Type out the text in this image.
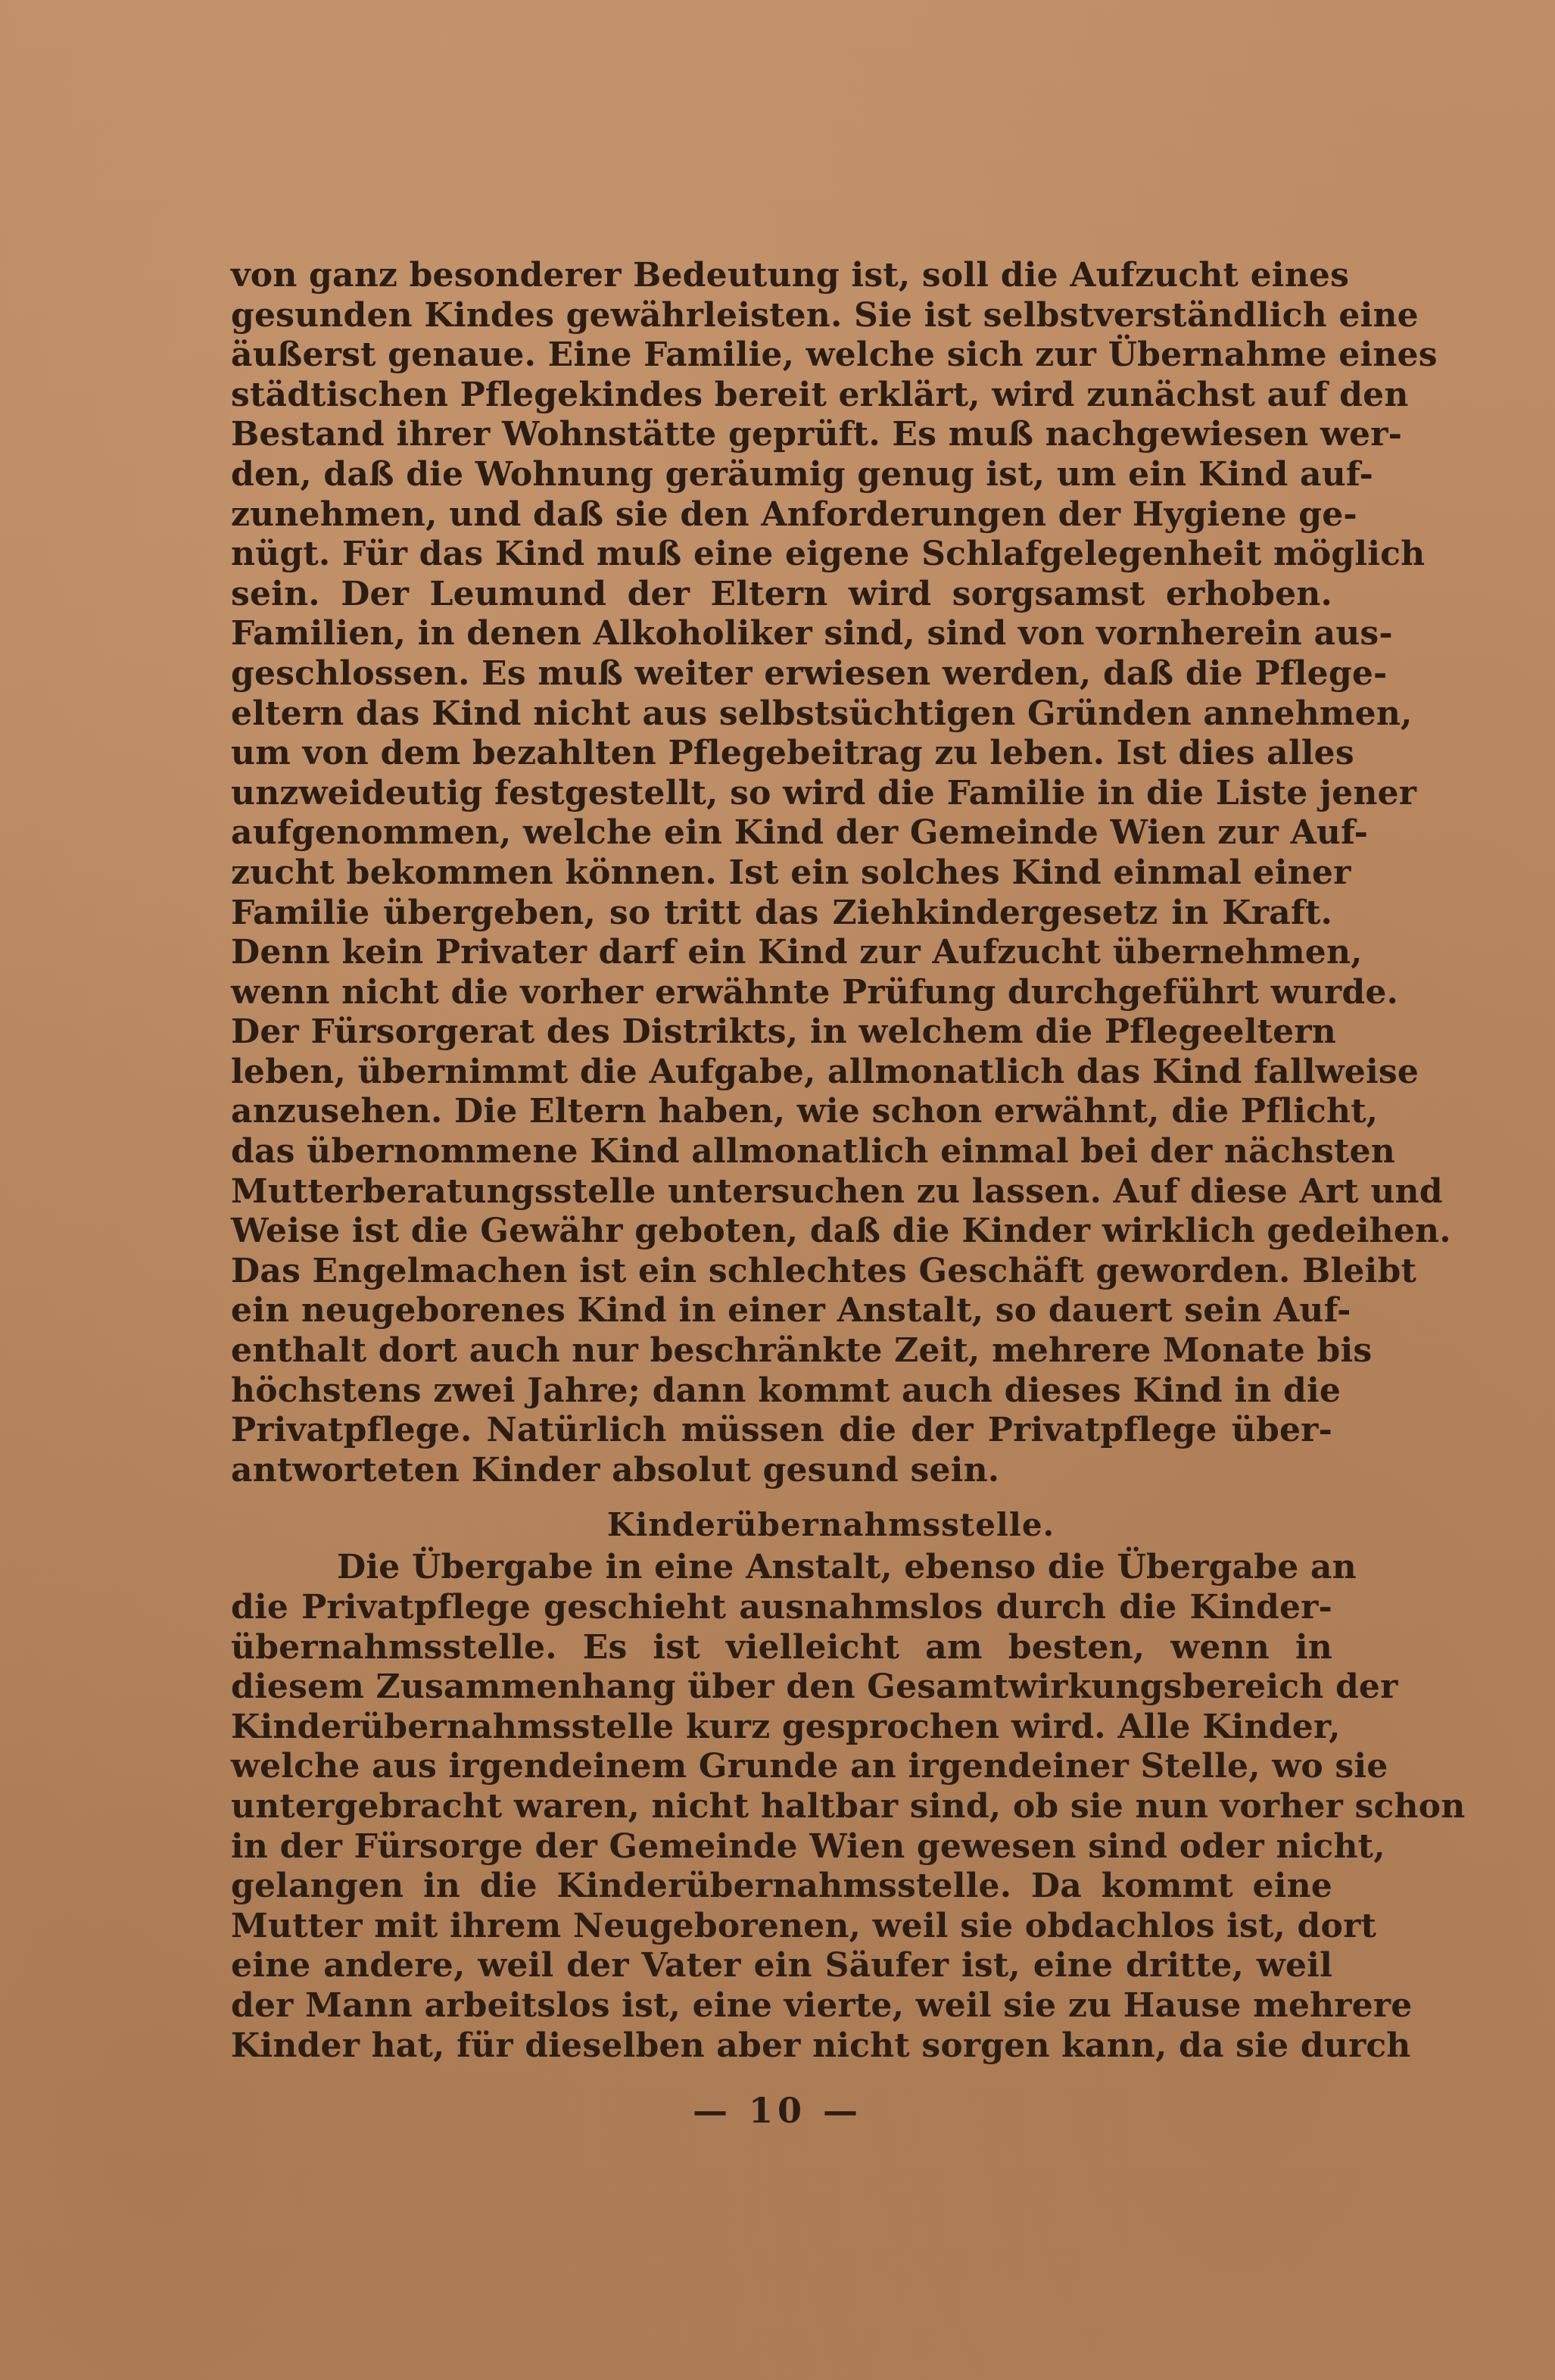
von ganz besonderer Bedeutung ist, soll die Aufzucht eines
gesunden Kindes gewährleisten. Sie ist selbstverständlich eine
äußerst genaue. Eine Familie, welche sich zur Übernahme eines
städtischen Pflegekindes bereit erklärt, wird zunächst auf den
Bestand ihrer Wohnstätte geprüft. Es muß nachgewiesen wer-
den, daß die Wohnung geräumig genug ist, um ein Kind auf-
zunehmen, und daß sie den Anforderungen der Hygiene ge-
nügt. Für das Kind muß eine eigene Schlafgelegenheit möglich
sein. Der Leumund der Eltern wird sorgsamst erhoben.
Familien, in denen Alkoholiker sind, sind von vornherein aus-
geschlossen. Es muß weiter erwiesen werden, daß die Pflege-
eltern das Kind nicht aus selbstsüchtigen Gründen annehmen,
um von dem bezahlten Pflegebeitrag zu leben. Ist dies alles
unzweideutig festgestellt, so wird die Familie in die Liste jener
aufgenommen, welche ein Kind der Gemeinde Wien zur Auf-
zucht bekommen können. Ist ein solches Kind einmal einer
Familie übergeben, so tritt das Ziehkindergesetz in Kraft.
Denn kein Privater darf ein Kind zur Aufzucht übernehmen,
wenn nicht die vorher erwähnte Prüfung durchgeführt wurde.
Der Fürsorgerat des Distrikts, in welchem die Pflegeeltern
leben, übernimmt die Aufgabe, allmonatlich das Kind fallweise
anzusehen. Die Eltern haben, wie schon erwähnt, die Pflicht,
das übernommene Kind allmonatlich einmal bei der nächsten
Mutterberatungsstelle untersuchen zu lassen. Auf diese Art und
Weise ist die Gewähr geboten, daß die Kinder wirklich gedeihen.
Das Engelmachen ist ein schlechtes Geschäft geworden. Bleibt
ein neugeborenes Kind in einer Anstalt, so dauert sein Auf-
enthalt dort auch nur beschränkte Zeit, mehrere Monate bis
höchstens zwei Jahre; dann kommt auch dieses Kind in die
Privatpflege. Natürlich müssen die der Privatpflege über-
antworteten Kinder absolut gesund sein.
Kinderübernahmsstelle.
Die Übergabe in eine Anstalt, ebenso die Übergabe an
die Privatpflege geschieht ausnahmslos durch die Kinder-
übernahmsstelle. Es ist vielleicht am besten, wenn in
diesem Zusammenhang über den Gesamtwirkungsbereich der
Kinderübernahmsstelle kurz gesprochen wird. Alle Kinder,
welche aus irgendeinem Grunde an irgendeiner Stelle, wo sie
untergebracht waren, nicht haltbar sind, ob sie nun vorher schon
in der Fürsorge der Gemeinde Wien gewesen sind oder nicht,
gelangen in die Kinderübernahmsstelle. Da kommt eine
Mutter mit ihrem Neugeborenen, weil sie obdachlos ist, dort
eine andere, weil der Vater ein Säufer ist, eine dritte, weil
der Mann arbeitslos ist, eine vierte, weil sie zu Hause mehrere
Kinder hat, für dieselben aber nicht sorgen kann, da sie durch
— 10 —
